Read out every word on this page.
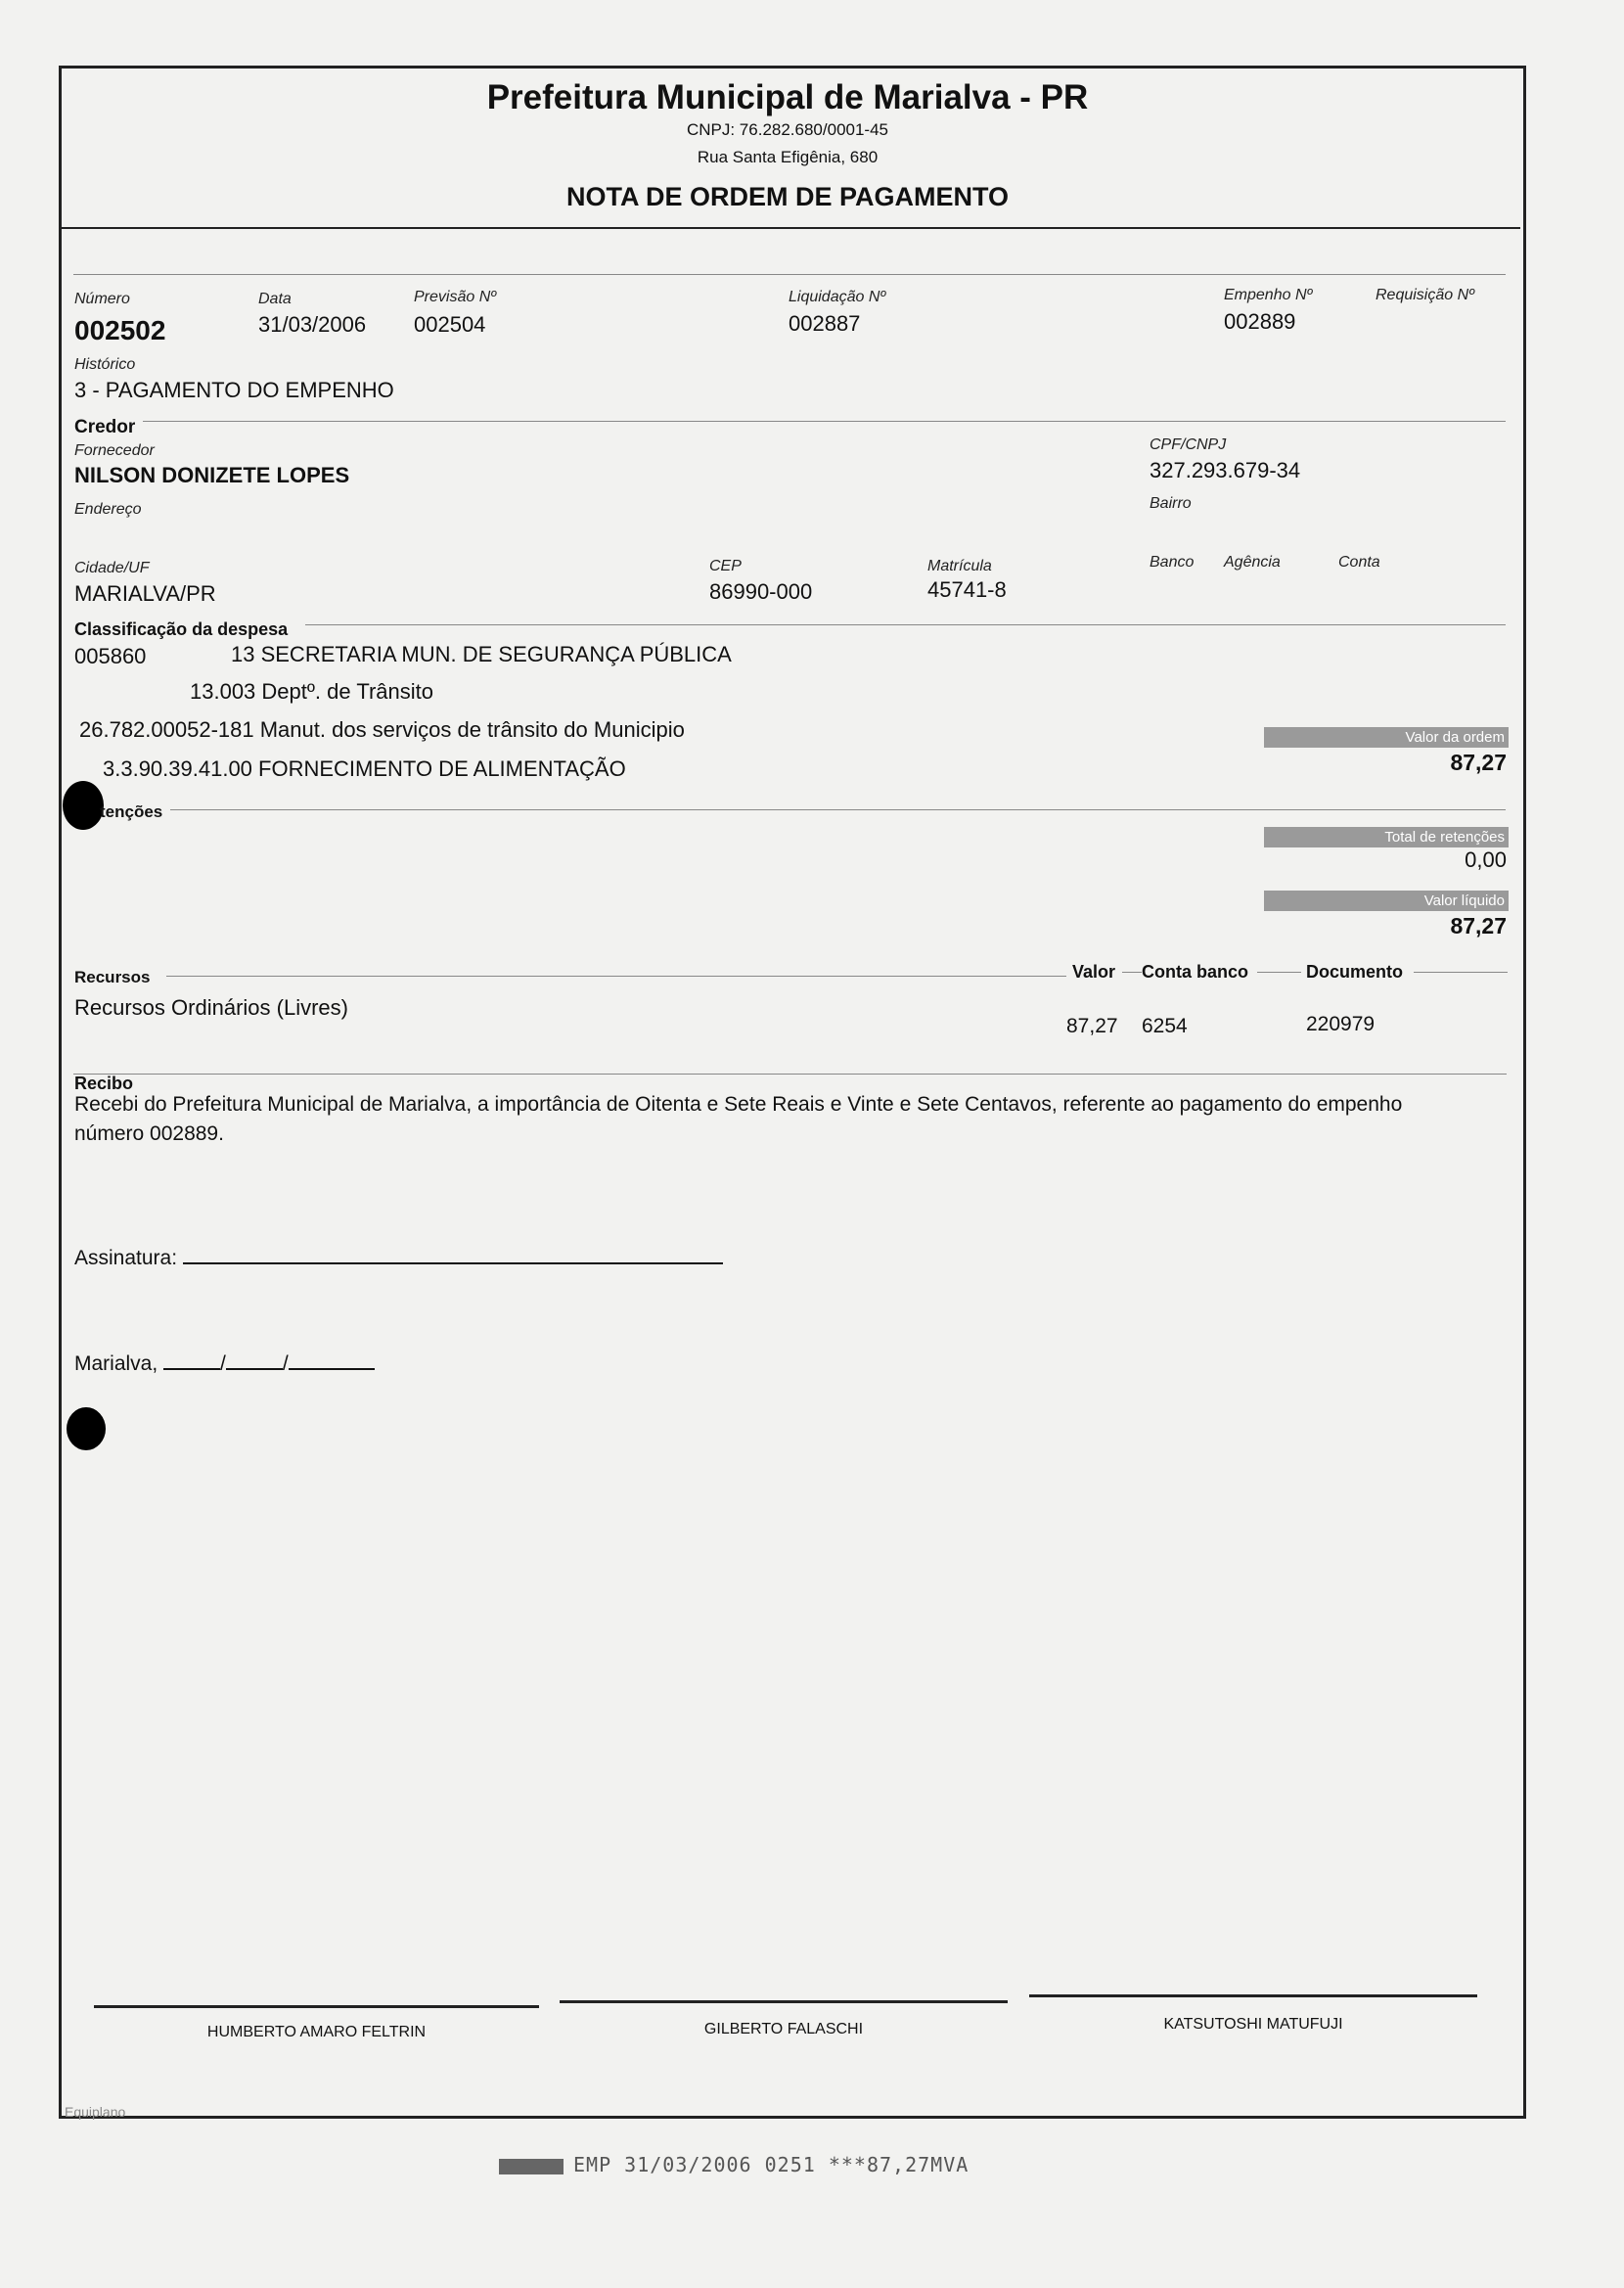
Prefeitura Municipal de Marialva - PR
CNPJ: 76.282.680/0001-45
Rua Santa Efigênia, 680
NOTA DE ORDEM DE PAGAMENTO
Número
002502
Data
31/03/2006
Previsão Nº
002504
Liquidação Nº
002887
Empenho Nº
002889
Requisição Nº
Histórico
3 - PAGAMENTO DO EMPENHO
Credor
Fornecedor
NILSON DONIZETE LOPES
CPF/CNPJ
327.293.679-34
Endereço	Bairro
Cidade/UF
MARIALVA/PR
CEP
86990-000
Matrícula
45741-8
Banco Agência	Conta
Classificação da despesa
005860	13 SECRETARIA MUN. DE SEGURANÇA PÚBLICA
13.003 Deptº. de Trânsito
26.782.00052-181 Manut. dos serviços de trânsito do Municipio
3.3.90.39.41.00 FORNECIMENTO DE ALIMENTAÇÃO
Valor da ordem
87,27
tenções
Total de retenções
0,00
Valor líquido
87,27
Recursos	Valor Conta banco	Documento
Recursos Ordinários (Livres)
87,27 6254	220979
Recibo
Recebi do Prefeitura Municipal de Marialva, a importância de Oitenta e Sete Reais e Vinte e Sete Centavos, referente ao pagamento do empenho
número 002889.
Assinatura:
Marialva,	/	/
HUMBERTO AMARO FELTRIN	GILBERTO FALASCHI	KATSUTOSHI MATUFUJI
Equiplano
EMP 31/03/2006 0251 ***87,27MVA
